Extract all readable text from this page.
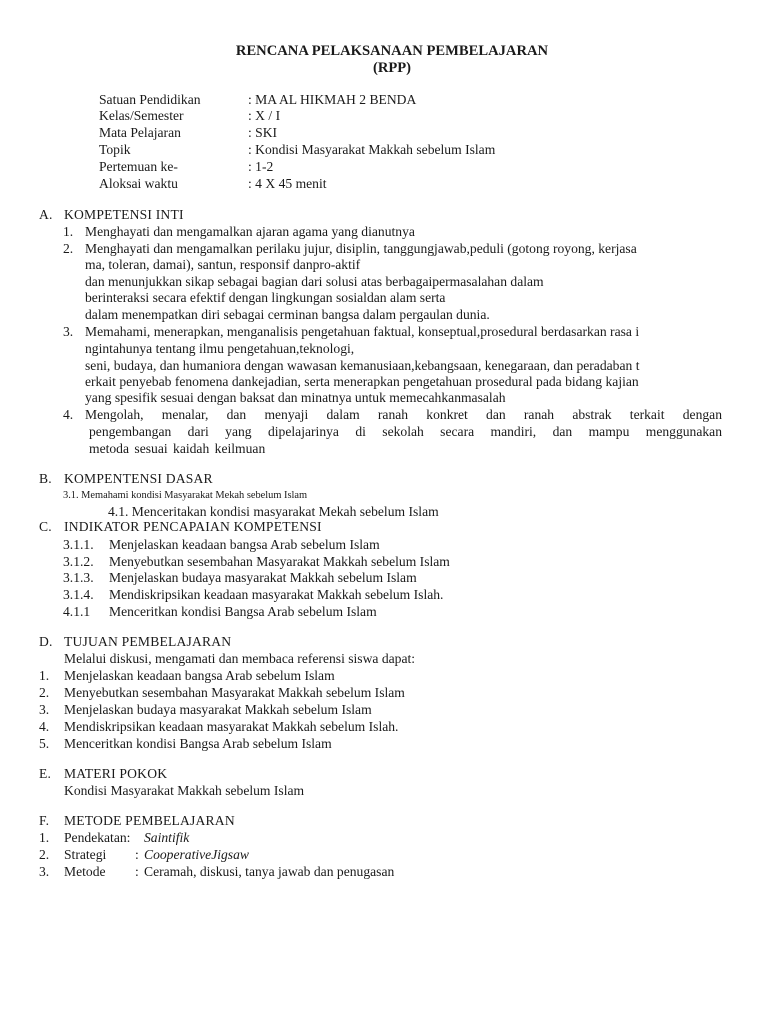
RENCANA PELAKSANAAN PEMBELAJARAN
(RPP)
Satuan Pendidikan	: MA AL HIKMAH 2 BENDA
Kelas/Semester	: X / I
Mata Pelajaran	: SKI
Topik	: Kondisi Masyarakat Makkah sebelum Islam
Pertemuan ke-	: 1-2
Aloksai waktu	: 4 X 45 menit
A. KOMPETENSI INTI
1. Menghayati dan mengamalkan ajaran agama yang dianutnya
2. Menghayati dan mengamalkan perilaku jujur, disiplin, tanggungjawab,peduli (gotong royong, kerjasa
ma, toleran, damai), santun, responsif danpro-aktif
dan menunjukkan sikap sebagai bagian dari solusi atas berbagaipermasalahan dalam
berinteraksi secara efektif dengan lingkungan sosialdan alam serta
dalam menempatkan diri sebagai cerminan bangsa dalam pergaulan dunia.
3. Memahami, menerapkan, menganalisis pengetahuan faktual, konseptual,prosedural berdasarkan rasa i
ngintahunya tentang ilmu pengetahuan,teknologi,
seni, budaya, dan humaniora dengan wawasan kemanusiaan,kebangsaan, kenegaraan, dan peradaban t
erkait penyebab fenomena dankejadian, serta menerapkan pengetahuan prosedural pada bidang kajian
yang spesifik sesuai dengan baksat dan minatnya untuk memecahkanmasalah
4. Mengolah, menalar, dan menyaji dalam ranah konkret dan ranah abstrak terkait dengan
pengembangan dari yang dipelajarinya di sekolah secara mandiri, dan mampu menggunakan
metoda sesuai kaidah keilmuan
B. KOMPENTENSI DASAR
3.1. Memahami kondisi Masyarakat Mekah sebelum Islam
4.1. Menceritakan kondisi masyarakat Mekah sebelum Islam
C. INDIKATOR PENCAPAIAN KOMPETENSI
3.1.1. Menjelaskan keadaan bangsa Arab sebelum Islam
3.1.2. Menyebutkan sesembahan Masyarakat Makkah sebelum Islam
3.1.3. Menjelaskan budaya masyarakat Makkah sebelum Islam
3.1.4. Mendiskripsikan keadaan masyarakat Makkah sebelum Islah.
4.1.1 Menceritkan kondisi Bangsa Arab sebelum Islam
D. TUJUAN PEMBELAJARAN
Melalui diskusi, mengamati dan membaca referensi siswa dapat:
1. Menjelaskan keadaan bangsa Arab sebelum Islam
2. Menyebutkan sesembahan Masyarakat Makkah sebelum Islam
3. Menjelaskan budaya masyarakat Makkah sebelum Islam
4. Mendiskripsikan keadaan masyarakat Makkah sebelum Islah.
5. Menceritkan kondisi Bangsa Arab sebelum Islam
E. MATERI POKOK
Kondisi Masyarakat Makkah sebelum Islam
F. METODE PEMBELAJARAN
1. Pendekatan: Saintifik
2. Strategi : CooperativeJigsaw
3. Metode : Ceramah, diskusi, tanya jawab dan penugasan
